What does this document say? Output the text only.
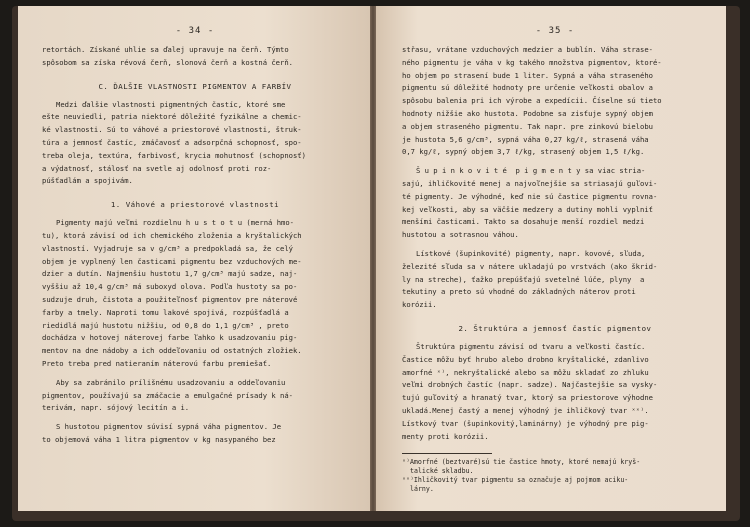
- 34 -

retortách. Získané uhlie sa ďalej upravuje na čerň. Týmto

spôsobom sa získa révová čerň, slonová čerň a kostná čerň.

C. ĎALŠIE VLASTNOSTI PIGMENTOV A FARBÍV

Medzi ďalšie vlastnosti pigmentných častíc, ktoré sme

ešte neuviedli, patria niektoré dôležité fyzikálne a chemic-

ké vlastnosti. Sú to váhové a priestorové vlastnosti, štruk-

túra a jemnosť častíc, zmáčavosť a adsorpčná schopnosť, spo-

treba oleja, textúra, farbivosť, krycia mohutnosť (schopnosť)

a výdatnosť, stálosť na svetle aj odolnosť proti roz-

púšťadlám a spojivám.

1. Váhové a priestorové vlastnosti

Pigmenty majú veľmi rozdielnu h u s t o t u (merná hmo-

tu), ktorá závisí od ich chemického zloženia a kryštalických

vlastností. Vyjadruje sa v g/cm³ a predpokladá sa, že celý

objem je vyplnený len časticami pigmentu bez vzduchových me-

dzier a dutín. Najmenšiu hustotu 1,7 g/cm³ majú sadze, naj-

vyššiu až 10,4 g/cm³ má suboxyd olova. Podľa hustoty sa po-

sudzuje druh, čistota a použiteľnosť pigmentov pre náterové

farby a tmely. Naproti tomu lakové spojivá, rozpúšťadlá a

riedidlá majú hustotu nižšiu, od 0,8 do 1,1 g/cm³ , preto

dochádza v hotovej náterovej farbe ľahko k usadzovaniu pig-

mentov na dne nádoby a ich oddeľovaniu od ostatných zložiek.

Preto treba pred natieraním náterovú farbu premiešať.

Aby sa zabránilo prílišnému usadzovaniu a oddeľovaniu

pigmentov, používajú sa zmáčacie a emulgačné prísady k ná-

terivám, napr. sójový lecitín a i.

S hustotou pigmentov súvisí sypná váha pigmentov. Je

to objemová váha 1 litra pigmentov v kg nasypaného bez

- 35 -

střasu, vrátane vzduchových medzier a bublín. Váha strase-

ného pigmentu je váha v kg takého množstva pigmentov, ktoré-

ho objem po strasení bude 1 liter. Sypná a váha straseného

pigmentu sú dôležité hodnoty pre určenie veľkosti obalov a

spôsobu balenia pri ich výrobe a expedícii. Číselne sú tieto

hodnoty nižšie ako hustota. Podobne sa zisťuje sypný objem

a objem straseného pigmentu. Tak napr. pre zinkovú bielobu

je hustota 5,6 g/cm³, sypná váha 0,27 kg/ℓ, strasená váha

0,7 kg/ℓ, sypný objem 3,7 ℓ/kg, strasený objem 1,5 ℓ/kg.

Š u p i n k o v i t é  p i g m e n t y sa viac stria-

sajú, ihličkovité menej a najvoľnejšie sa striasajú guľovi-

té pigmenty. Je výhodné, keď nie sú častice pigmentu rovna-

kej veľkosti, aby sa väčšie medzery a dutiny mohli vyplniť

menšími časticami. Takto sa dosahuje menší rozdiel medzi

hustotou a sotrasnou váhou.

Lístkové (šupinkovité) pigmenty, napr. kovové, sľuda,

železité sľuda sa v nátere ukladajú po vrstvách (ako škrid-

ly na streche), ťažko prepúšťajú svetelné lúče, plyny  a

tekutiny a preto sú vhodné do základných náterov proti

korózii.

2. Štruktúra a jemnosť častíc pigmentov

Štruktúra pigmentu závisí od tvaru a veľkosti častíc.

Častice môžu byť hrubo alebo drobno kryštalické, zdanlivo

amorfné ˣ⁾, nekryštalické alebo sa môžu skladať zo zhluku

veľmi drobných častíc (napr. sadze). Najčastejšie sa vysky-

tujú guľovitý a hranatý tvar, ktorý sa priestorove výhodne

ukladá.Menej častý a menej výhodný je ihličkový tvar ˣˣ⁾.

Lístkový tvar (šupinkovitý,laminárny) je výhodný pre pig-

menty proti korózii.

ˣ⁾Amorfné (beztvaré)sú tie častice hmoty, ktoré nemajú kryš-

talické skladbu.

ˣˣ⁾Ihličkovitý tvar pigmentu sa označuje aj pojmom aciku-

lárny.
